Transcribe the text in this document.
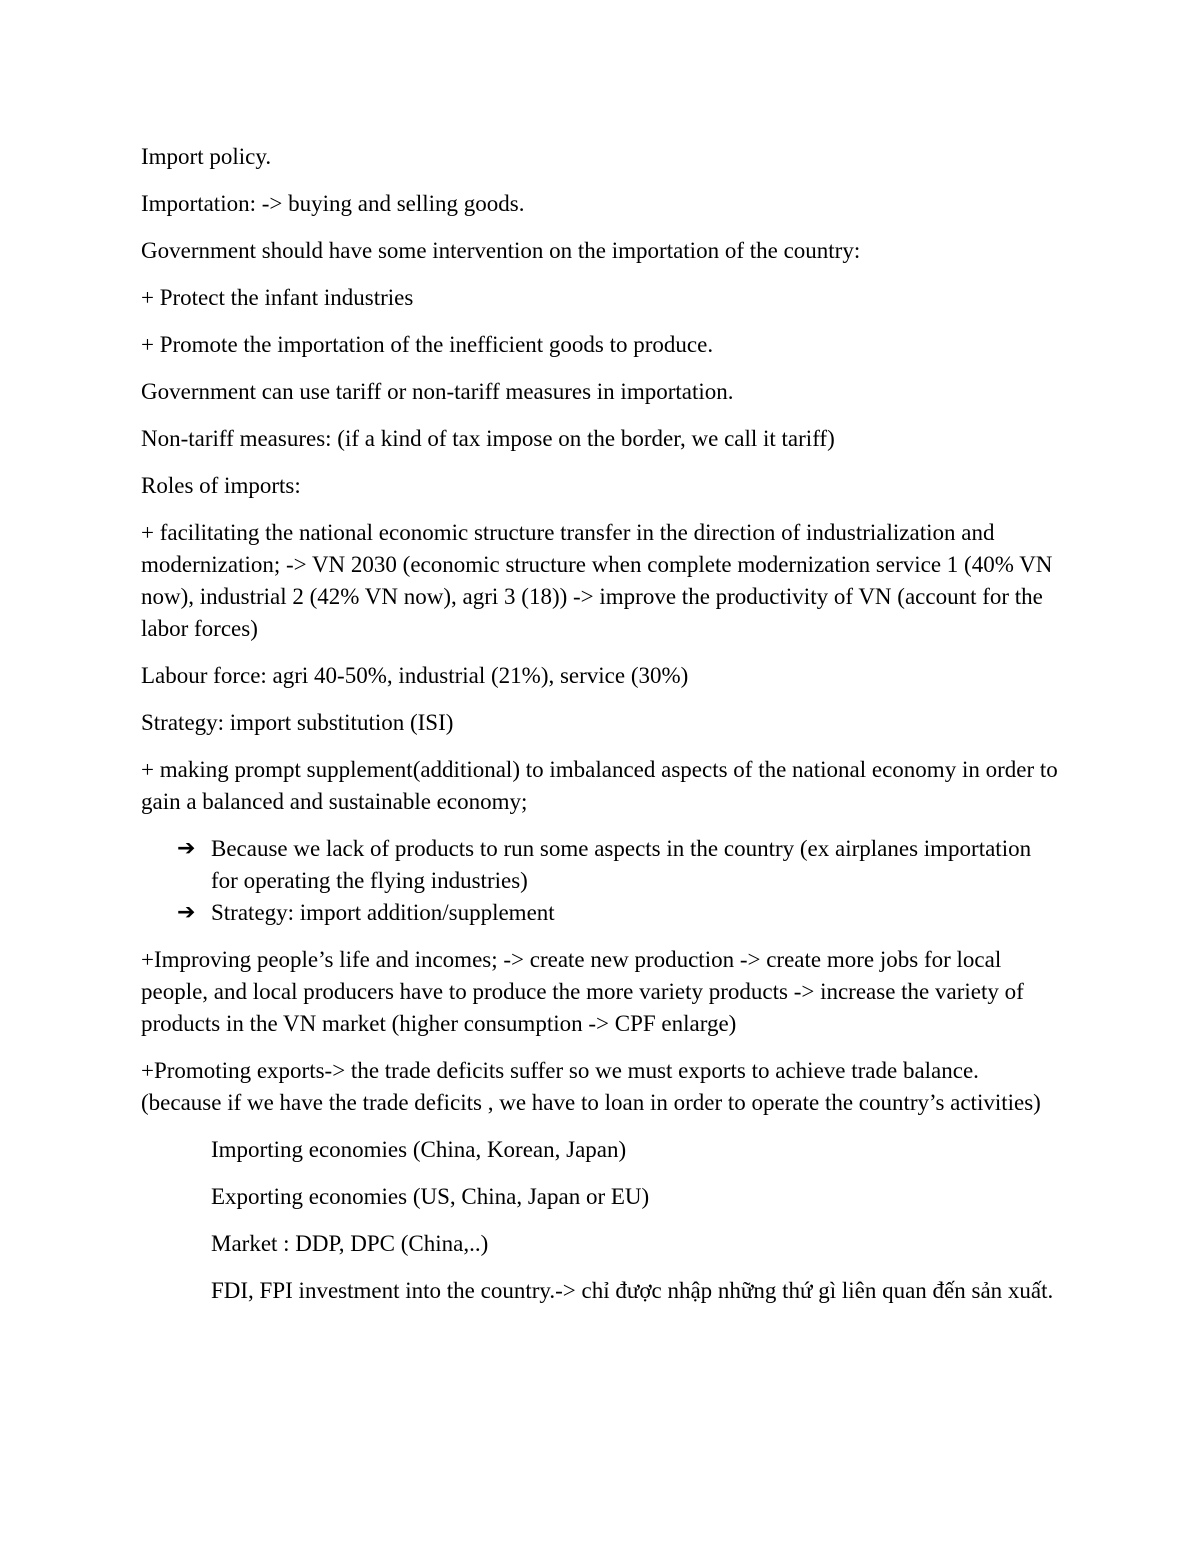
Import policy.

Importation: -> buying and selling goods.

Government should have some intervention on the importation of the country:

+ Protect the infant industries

+ Promote the importation of the inefficient goods to produce.

Government can use tariff or non-tariff measures in importation.

Non-tariff measures: (if a kind of tax impose on the border, we call it tariff)

Roles of imports:

+ facilitating the national economic structure transfer in the direction of industrialization and modernization; -> VN 2030 (economic structure when complete modernization service 1 (40% VN now), industrial 2 (42% VN now), agri 3 (18)) -> improve the productivity of VN (account for the labor forces)

Labour force: agri 40-50%, industrial (21%), service (30%)

Strategy: import substitution (ISI)

+ making prompt supplement(additional) to imbalanced aspects of the national economy in order to gain a balanced and sustainable economy;

➔ Because we lack of products to run some aspects in the country (ex airplanes importation for operating the flying industries)
➔ Strategy: import addition/supplement

+Improving people’s life and incomes; -> create new production -> create more jobs for local people, and local producers have to produce the more variety products -> increase the variety of products in the VN market (higher consumption -> CPF enlarge)

+Promoting exports-> the trade deficits suffer so we must exports to achieve trade balance. (because if we have the trade deficits , we have to loan in order to operate the country’s activities)

Importing economies (China, Korean, Japan)

Exporting economies (US, China, Japan or EU)

Market : DDP, DPC (China,..)

FDI, FPI investment into the country.-> chỉ được nhập những thứ gì liên quan đến sản xuất.
